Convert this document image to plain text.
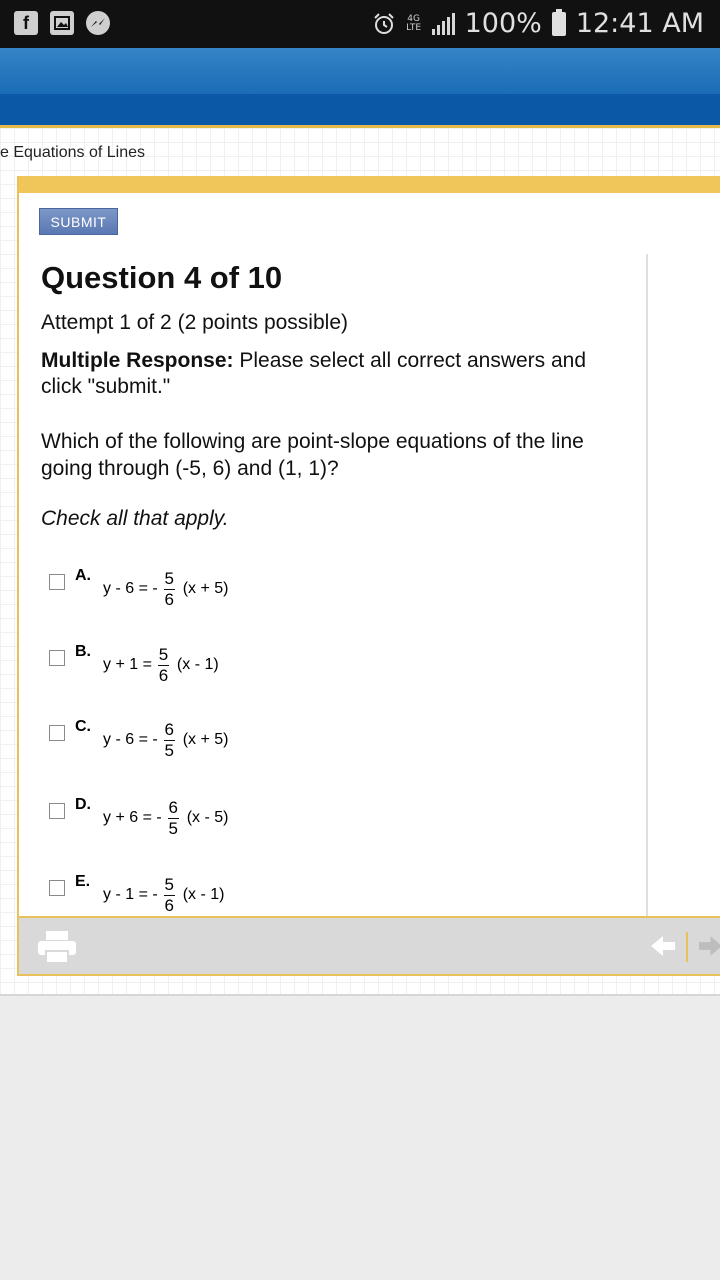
f	4G LTE 100% 12:41 AM
e Equations of Lines
SUBMIT
Question 4 of 10
Attempt 1 of 2 (2 points possible)
Multiple Response: Please select all correct answers and click "submit."
Which of the following are point-slope equations of the line going through (-5, 6) and (1, 1)?
Check all that apply.
A.
y - 6 = - $\frac{5}{6} (x + 5)$
B.
$y + 1 = \frac{5}{6} (x - 1)$
C.
y - 6 = - $\frac{6}{5} (x + 5)$
D.
y + 6 = - $\frac{6}{5} (x - 5)$
E.
y - 1 = - $\frac{5}{6} (x - 1)$
